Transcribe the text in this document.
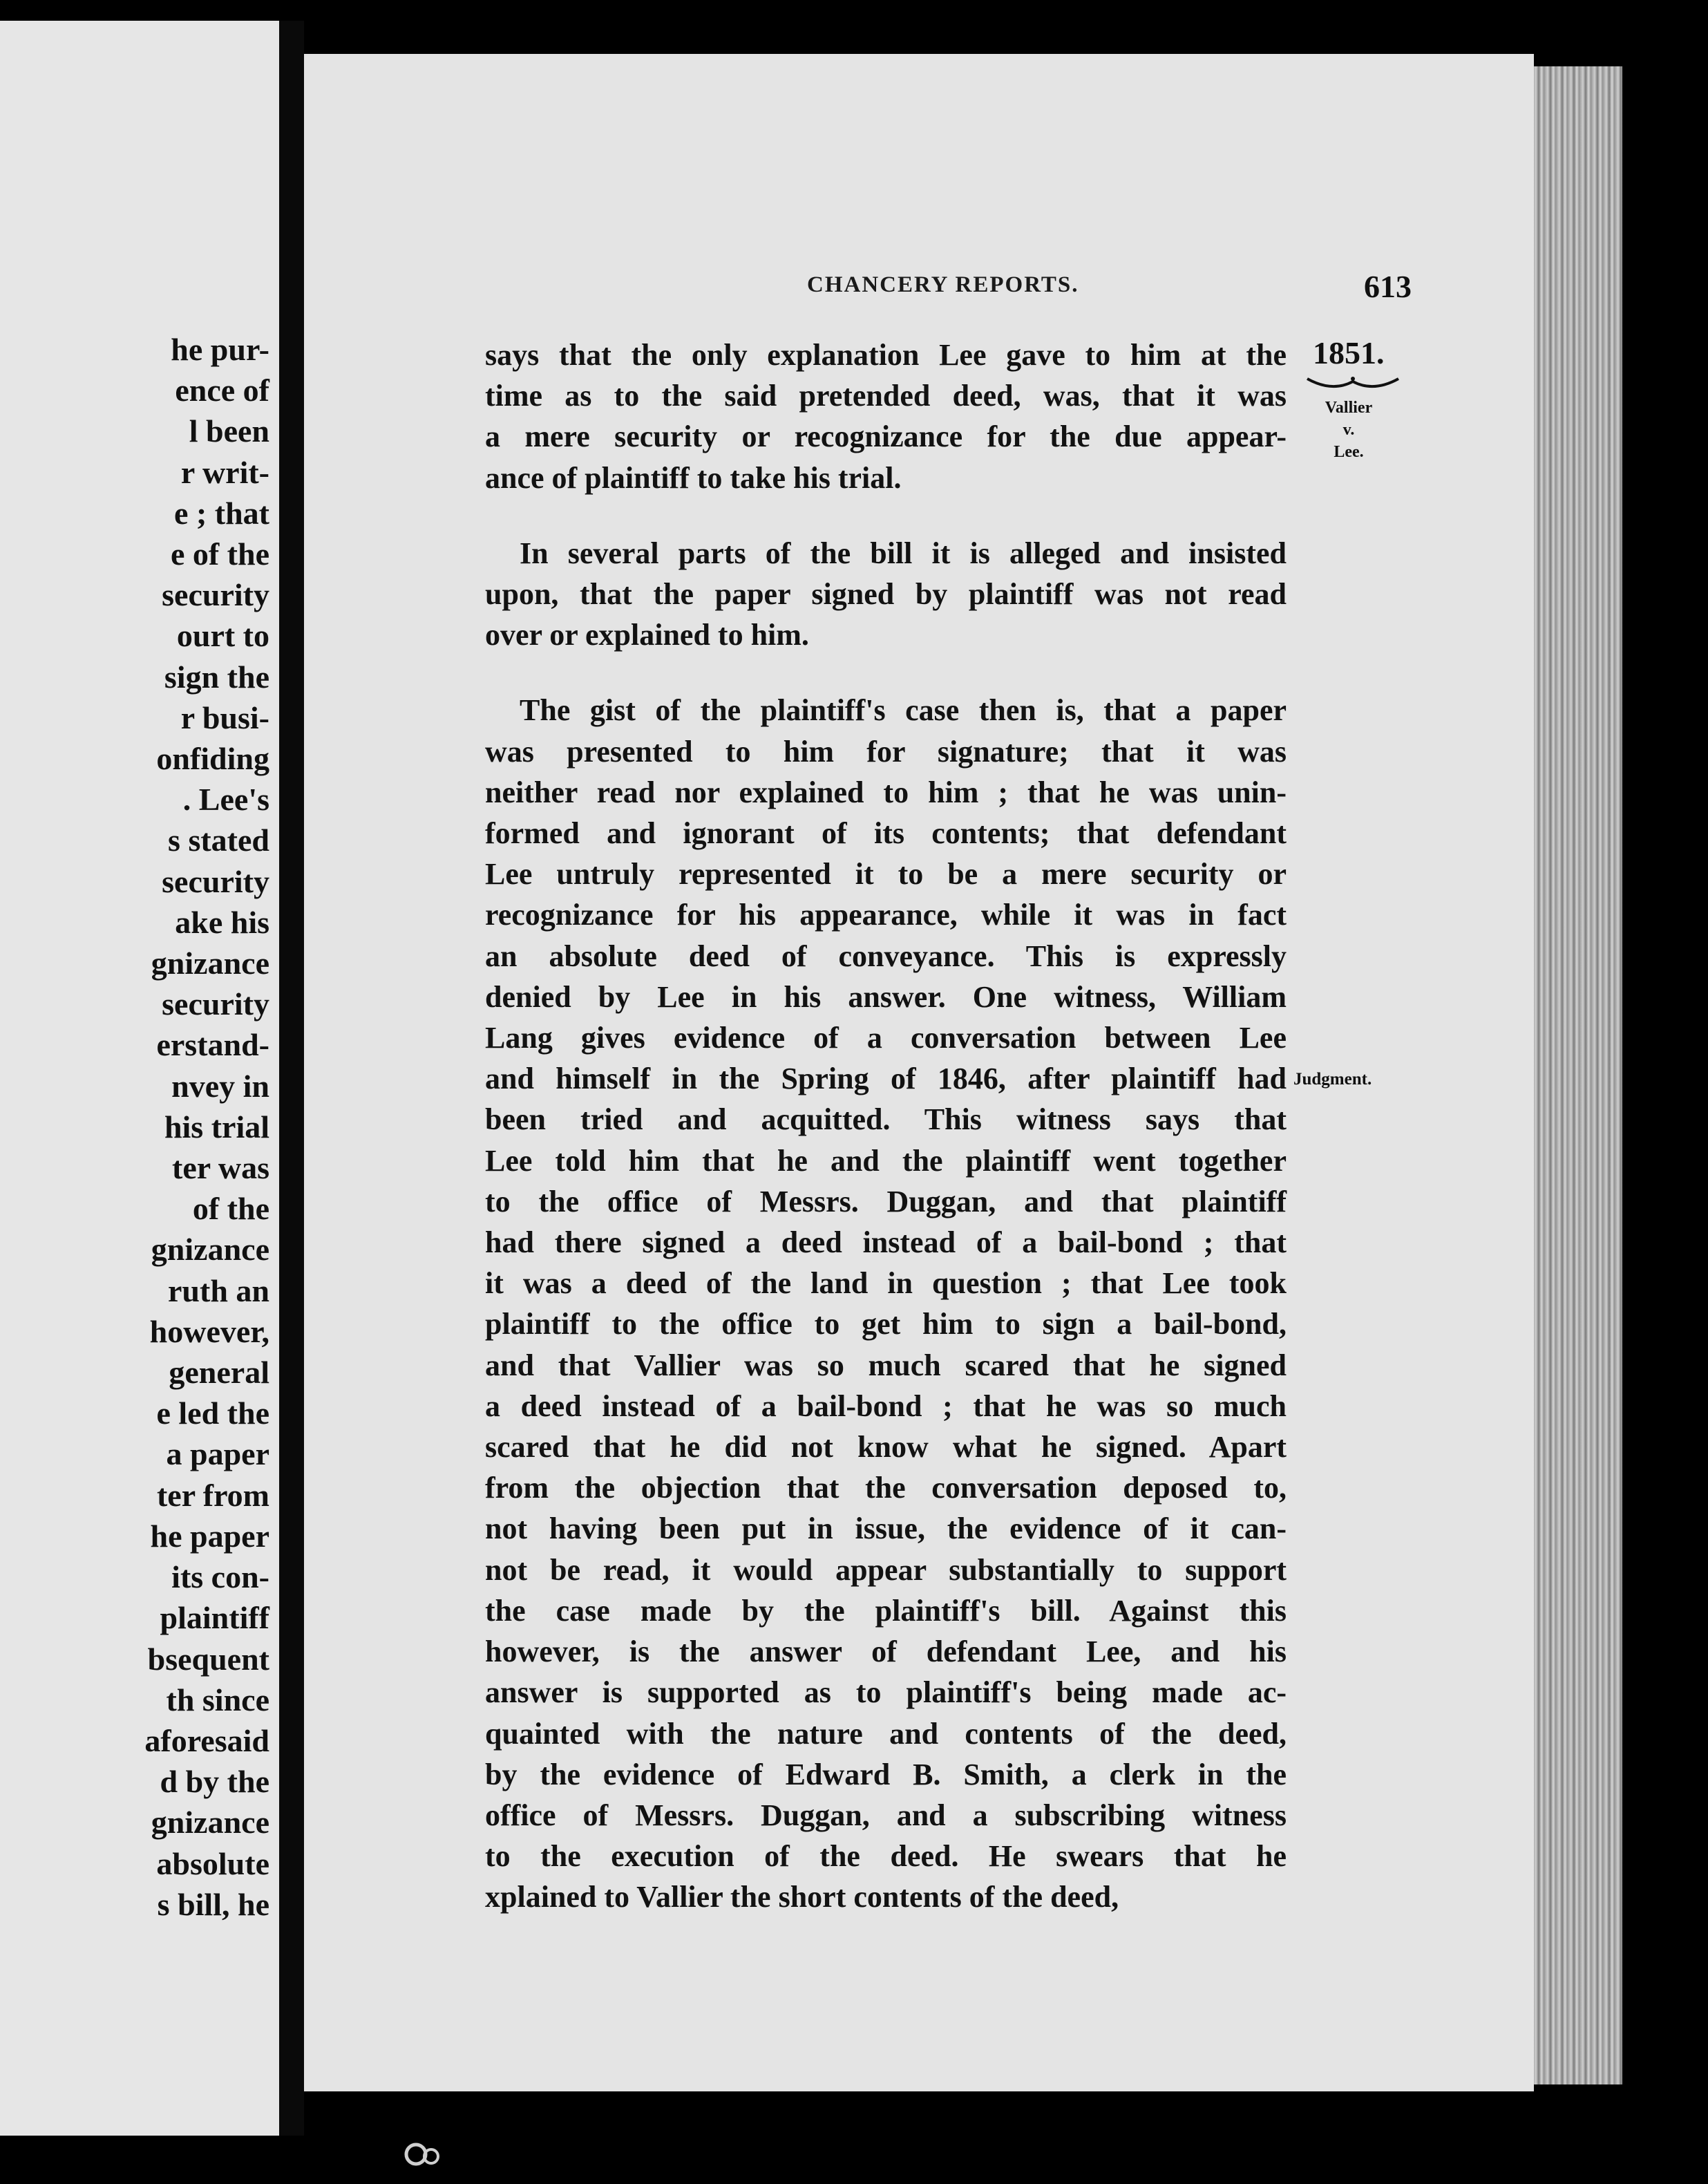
he pur-
ence of
l been
r writ-
e ; that
e of the
security
ourt to
sign the
r busi-
onfiding
. Lee's
s stated
security
ake his
gnizance
security
erstand-
nvey in
his trial
ter was
of the
gnizance
ruth an
however,
general
e led the
a paper
ter from
he paper
its con-
plaintiff
bsequent
th since
aforesaid
d by the
gnizance
absolute
s bill, he
CHANCERY REPORTS.	613
1851.
Vallier
v.
Lee.
Judgment.

says that the only explanation Lee gave to him at the
time as to the said pretended deed, was, that it was
a mere security or recognizance for the due appear-
ance of plaintiff to take his trial.

In several parts of the bill it is alleged and insisted
upon, that the paper signed by plaintiff was not read
over or explained to him.

The gist of the plaintiff's case then is, that a paper
was presented to him for signature; that it was
neither read nor explained to him ; that he was unin-
formed and ignorant of its contents; that defendant
Lee untruly represented it to be a mere security or
recognizance for his appearance, while it was in fact
an absolute deed of conveyance. This is expressly
denied by Lee in his answer. One witness, William
Lang gives evidence of a conversation between Lee
and himself in the Spring of 1846, after plaintiff had
been tried and acquitted. This witness says that
Lee told him that he and the plaintiff went together
to the office of Messrs. Duggan, and that plaintiff
had there signed a deed instead of a bail-bond ; that
it was a deed of the land in question ; that Lee took
plaintiff to the office to get him to sign a bail-bond,
and that Vallier was so much scared that he signed
a deed instead of a bail-bond ; that he was so much
scared that he did not know what he signed. Apart
from the objection that the conversation deposed to,
not having been put in issue, the evidence of it can-
not be read, it would appear substantially to support
the case made by the plaintiff's bill. Against this
however, is the answer of defendant Lee, and his
answer is supported as to plaintiff's being made ac-
quainted with the nature and contents of the deed,
by the evidence of Edward B. Smith, a clerk in the
office of Messrs. Duggan, and a subscribing witness
to the execution of the deed. He swears that he
xplained to Vallier the short contents of the deed,
